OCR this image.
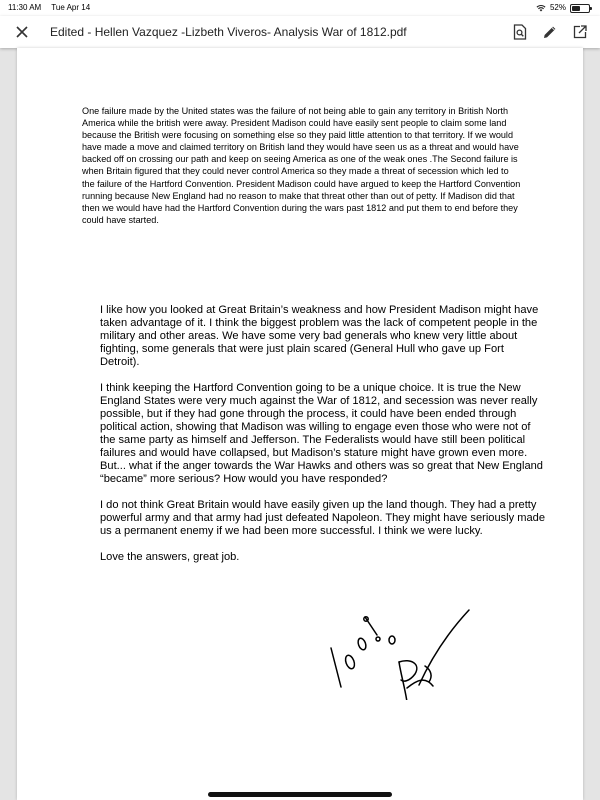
11:30 AM Tue Apr 14	52%
Edited - Hellen Vazquez -Lizbeth Viveros- Analysis War of 1812.pdf

One failure made by the United states was the failure of not being able to gain any territory in British North America while the british were away. President Madison could have easily sent people to claim some land because the British were focusing on something else so they paid little attention to that territory. If we would have made a move and claimed territory on British land they would have seen us as a threat and would have backed off on crossing our path and keep on seeing America as one of the weak ones .The Second failure is when Britain figured that they could never control America so they made a threat of secession which led to the failure of the Hartford Convention. President Madison could have argued to keep the Hartford Convention running because New England had no reason to make that threat other than out of petty. If Madison did that then we would have had the Hartford Convention during the wars past 1812 and put them to end before they could have started.

I like how you looked at Great Britain’s weakness and how President Madison might have taken advantage of it. I think the biggest problem was the lack of competent people in the military and other areas. We have some very bad generals who knew very little about fighting, some generals that were just plain scared (General Hull who gave up Fort Detroit).

I think keeping the Hartford Convention going to be a unique choice. It is true the New England States were very much against the War of 1812, and secession was never really possible, but if they had gone through the process, it could have been ended through political action, showing that Madison was willing to engage even those who were not of the same party as himself and Jefferson. The Federalists would have still been political failures and would have collapsed, but Madison’s stature might have grown even more. But... what if the anger towards the War Hawks and others was so great that New England “became” more serious? How would you have responded?

I do not think Great Britain would have easily given up the land though. They had a pretty powerful army and that army had just defeated Napoleon. They might have seriously made us a permanent enemy if we had been more successful. I think we were lucky.

Love the answers, great job.
